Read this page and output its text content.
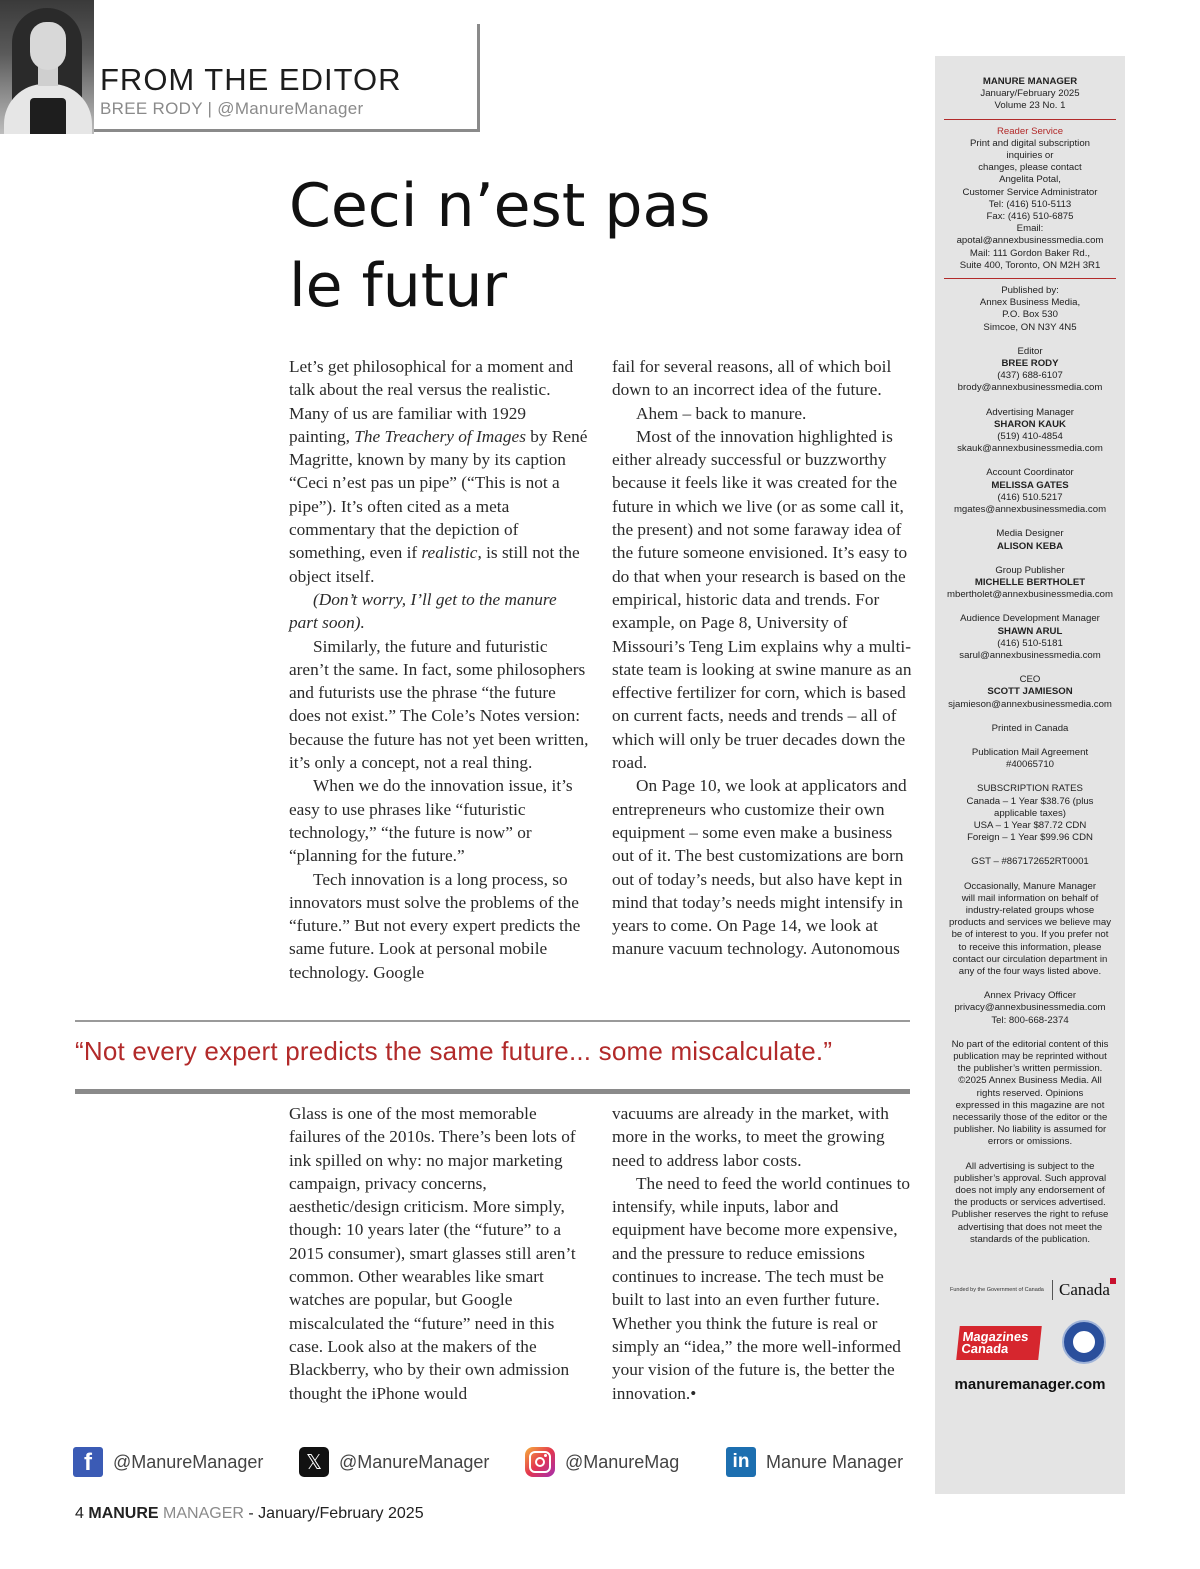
FROM THE EDITOR
BREE RODY | @ManureManager
Ceci n’est pas
le futur

Let’s get philosophical for a moment and talk about the real versus the realistic. Many of us are familiar with 1929 painting, The Treachery of Images by René Magritte, known by many by its caption “Ceci n’est pas un pipe” (“This is not a pipe”). It’s often cited as a meta commentary that the depiction of something, even if realistic, is still not the object itself.

(Don’t worry, I’ll get to the manure part soon).

Similarly, the future and futuristic aren’t the same. In fact, some philosophers and futurists use the phrase “the future does not exist.” The Cole’s Notes version: because the future has not yet been written, it’s only a concept, not a real thing.

When we do the innovation issue, it’s easy to use phrases like “futuristic technology,” “the future is now” or “planning for the future.”

Tech innovation is a long process, so innovators must solve the problems of the “future.” But not every expert predicts the same future. Look at personal mobile technology. Google

fail for several reasons, all of which boil down to an incorrect idea of the future.

Ahem – back to manure.

Most of the innovation highlighted is either already successful or buzzworthy because it feels like it was created for the future in which we live (or as some call it, the present) and not some faraway idea of the future someone envisioned. It’s easy to do that when your research is based on the empirical, historic data and trends. For example, on Page 8, University of Missouri’s Teng Lim explains why a multi-state team is looking at swine manure as an effective fertilizer for corn, which is based on current facts, needs and trends – all of which will only be truer decades down the road.

On Page 10, we look at applicators and entrepreneurs who customize their own equipment – some even make a business out of it. The best customizations are born out of today’s needs, but also have kept in mind that today’s needs might intensify in years to come. On Page 14, we look at manure vacuum technology. Autonomous

“Not every expert predicts the same future... some miscalculate.”

Glass is one of the most memorable failures of the 2010s. There’s been lots of ink spilled on why: no major marketing campaign, privacy concerns, aesthetic/design criticism. More simply, though: 10 years later (the “future” to a 2015 consumer), smart glasses still aren’t common. Other wearables like smart watches are popular, but Google miscalculated the “future” need in this case. Look also at the makers of the Blackberry, who by their own admission thought the iPhone would

vacuums are already in the market, with more in the works, to meet the growing need to address labor costs.

The need to feed the world continues to intensify, while inputs, labor and equipment have become more expensive, and the pressure to reduce emissions continues to increase. The tech must be built to last into an even further future. Whether you think the future is real or simply an “idea,” the more well-informed your vision of the future is, the better the innovation.•

f	@ManureManager	𝕏 @ManureManager	@ManureMag	in Manure Manager
4 MANURE MANAGER - January/February 2025
MANURE MANAGER
January/February 2025
Volume 23 No. 1
Reader Service
Print and digital subscription
inquiries or
changes, please contact
Angelita Potal,
Customer Service Administrator
Tel: (416) 510-5113
Fax: (416) 510-6875
Email: apotal@annexbusinessmedia.com
Mail: 111 Gordon Baker Rd.,
Suite 400, Toronto, ON M2H 3R1
Published by:
Annex Business Media,
P.O. Box 530
Simcoe, ON N3Y 4N5
Editor
BREE RODY
(437) 688-6107
brody@annexbusinessmedia.com
Advertising Manager
SHARON KAUK
(519) 410-4854
skauk@annexbusinessmedia.com
Account Coordinator
MELISSA GATES
(416) 510.5217
mgates@annexbusinessmedia.com
Media Designer
ALISON KEBA
Group Publisher
MICHELLE BERTHOLET
mbertholet@annexbusinessmedia.com
Audience Development Manager
SHAWN ARUL
(416) 510-5181
sarul@annexbusinessmedia.com
CEO
SCOTT JAMIESON
sjamieson@annexbusinessmedia.com
Printed in Canada
Publication Mail Agreement
#40065710
SUBSCRIPTION RATES
Canada – 1 Year $38.76 (plus
applicable taxes)
USA – 1 Year $87.72 CDN
Foreign – 1 Year $99.96 CDN
GST – #867172652RT0001
Occasionally, Manure Manager
will mail information on behalf of
industry-related groups whose
products and services we believe may
be of interest to you. If you prefer not
to receive this information, please
contact our circulation department in
any of the four ways listed above.
Annex Privacy Officer
privacy@annexbusinessmedia.com
Tel: 800-668-2374
No part of the editorial content of this
publication may be reprinted without
the publisher’s written permission.
©2025 Annex Business Media. All
rights reserved. Opinions
expressed in this magazine are not
necessarily those of the editor or the
publisher. No liability is assumed for
errors or omissions.
All advertising is subject to the
publisher’s approval. Such approval
does not imply any endorsement of
the products or services advertised.
Publisher reserves the right to refuse
advertising that does not meet the
standards of the publication.
Funded by the Government of Canada Canada
Magazines Canada
manuremanager.com
